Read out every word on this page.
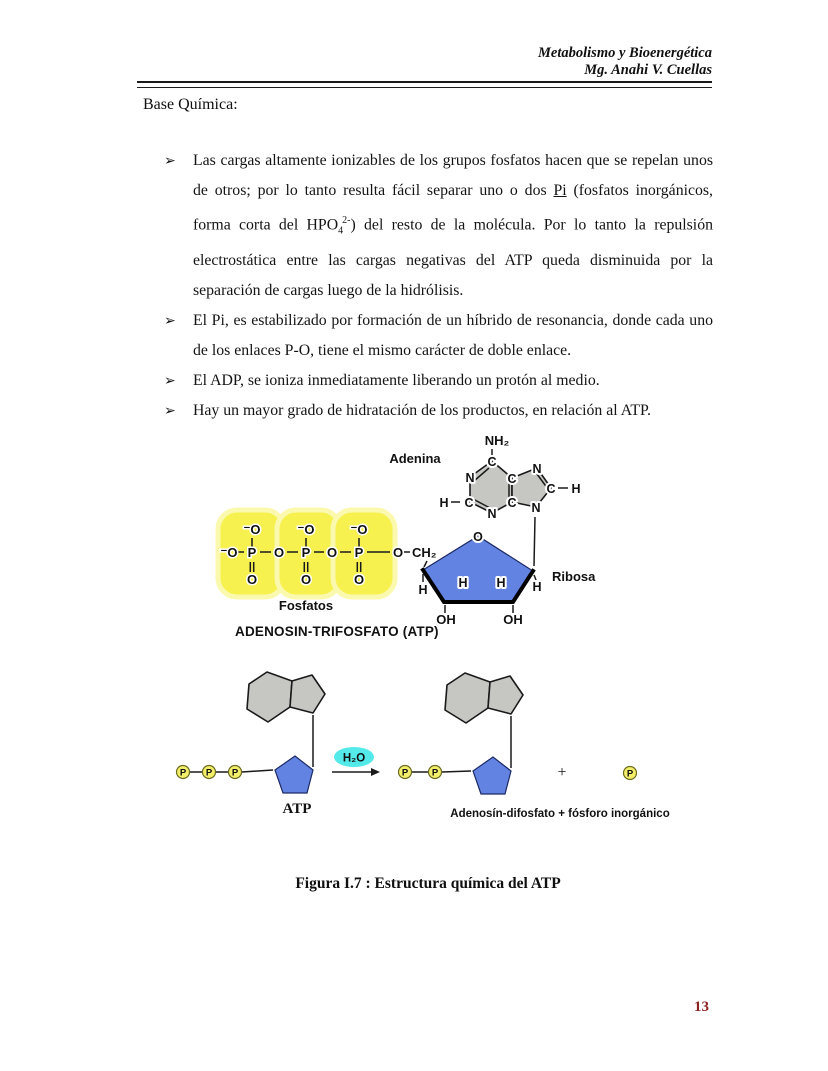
Metabolismo y Bioenergética
Mg. Anahi V. Cuellas
Base Química:
➢	Las cargas altamente ionizables de los grupos fosfatos hacen que se repelan unos de otros; por lo tanto resulta fácil separar uno o dos Pi (fosfatos inorgánicos, forma corta del $HPO_4^{2-}$) del resto de la molécula. Por lo tanto la repulsión electrostática entre las cargas negativas del ATP queda disminuida por la separación de cargas luego de la hidrólisis.
➢	El Pi, es estabilizado por formación de un híbrido de resonancia, donde cada uno de los enlaces P-O, tiene el mismo carácter de doble enlace.
➢	El ADP, se ioniza inmediatamente liberando un protón al medio.
➢	Hay un mayor grado de hidratación de los productos, en relación al ATP.
NH₂
N
C
C
C
N
C
N
C
N
H
H
Adenina
⁻O P O P O P O CH₂
⁻O	⁻O	⁻O
O	O	O
Fosfatos
O
H H
H	H
OH	OH
Ribosa
ADENOSIN-TRIFOSFATO (ATP)
P P P
ATP
H₂O
P P	+	P
Adenosín-difosfato + fósforo inorgánico
Figura I.7 : Estructura química del ATP
13
